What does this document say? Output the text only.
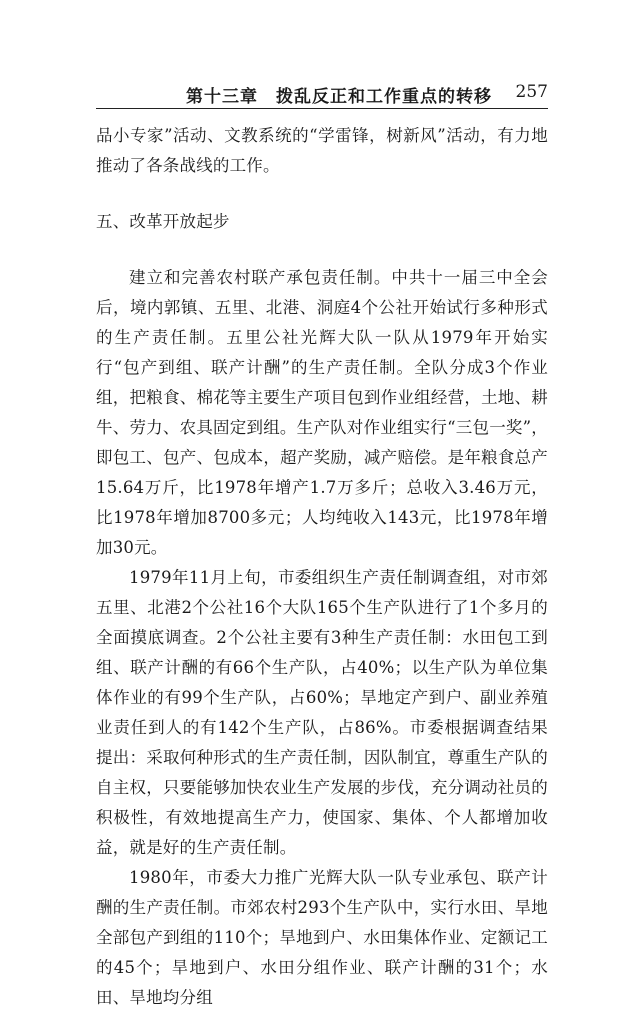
第十三章　拨乱反正和工作重点的转移 257

品小专家”活动、文教系统的“学雷锋，树新风”活动，有力地推动了各条战线的工作。

五、改革开放起步

建立和完善农村联产承包责任制。中共十一届三中全会后，境内郭镇、五里、北港、洞庭4个公社开始试行多种形式的生产责任制。五里公社光辉大队一队从1979年开始实行“包产到组、联产计酬”的生产责任制。全队分成3个作业组，把粮食、棉花等主要生产项目包到作业组经营，土地、耕牛、劳力、农具固定到组。生产队对作业组实行“三包一奖”，即包工、包产、包成本，超产奖励，减产赔偿。是年粮食总产15.64万斤，比1978年增产1.7万多斤；总收入3.46万元，比1978年增加8700多元；人均纯收入143元，比1978年增加30元。

1979年11月上旬，市委组织生产责任制调查组，对市郊五里、北港2个公社16个大队165个生产队进行了1个多月的全面摸底调查。2个公社主要有3种生产责任制：水田包工到组、联产计酬的有66个生产队，占40%；以生产队为单位集体作业的有99个生产队，占60%；旱地定产到户、副业养殖业责任到人的有142个生产队，占86%。市委根据调查结果提出：采取何种形式的生产责任制，因队制宜，尊重生产队的自主权，只要能够加快农业生产发展的步伐，充分调动社员的积极性，有效地提高生产力，使国家、集体、个人都增加收益，就是好的生产责任制。

1980年，市委大力推广光辉大队一队专业承包、联产计酬的生产责任制。市郊农村293个生产队中，实行水田、旱地全部包产到组的110个；旱地到户、水田集体作业、定额记工的45个；旱地到户、水田分组作业、联产计酬的31个；水田、旱地均分组
